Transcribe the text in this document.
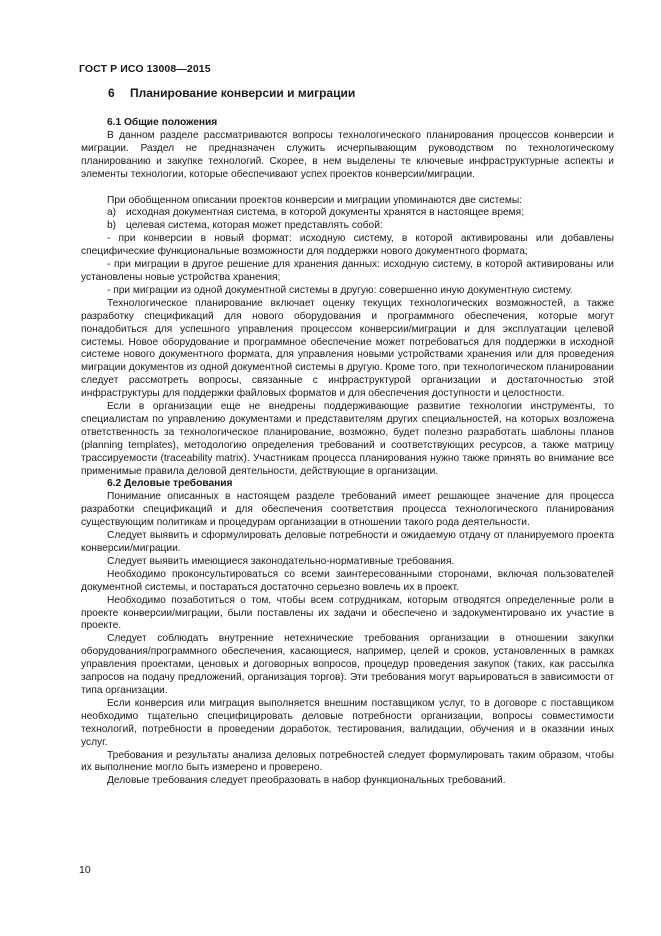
ГОСТ Р ИСО 13008—2015

6 Планирование конверсии и миграции

6.1 Общие положения

В данном разделе рассматриваются вопросы технологического планирования процессов конверсии и миграции. Раздел не предназначен служить исчерпывающим руководством по технологическому планированию и закупке технологий. Скорее, в нем выделены те ключевые инфраструктурные аспекты и элементы технологии, которые обеспечивают успех проектов конверсии/миграции.

При обобщенном описании проектов конверсии и миграции упоминаются две системы:

a) исходная документная система, в которой документы хранятся в настоящее время;

b) целевая система, которая может представлять собой:

- при конверсии в новый формат: исходную систему, в которой активированы или добавлены специфические функциональные возможности для поддержки нового документного формата;

- при миграции в другое решение для хранения данных: исходную систему, в которой активированы или установлены новые устройства хранения;

- при миграции из одной документной системы в другую: совершенно иную документную систему.

Технологическое планирование включает оценку текущих технологических возможностей, а также разработку спецификаций для нового оборудования и программного обеспечения, которые могут понадобиться для успешного управления процессом конверсии/миграции и для эксплуатации целевой системы. Новое оборудование и программное обеспечение может потребоваться для поддержки в исходной системе нового документного формата, для управления новыми устройствами хранения или для проведения миграции документов из одной документной системы в другую. Кроме того, при технологическом планировании следует рассмотреть вопросы, связанные с инфраструктурой организации и достаточностью этой инфраструктуры для поддержки файловых форматов и для обеспечения доступности и целостности.

Если в организации еще не внедрены поддерживающие развитие технологии инструменты, то специалистам по управлению документами и представителям других специальностей, на которых возложена ответственность за технологическое планирование, возможно, будет полезно разработать шаблоны планов (planning templates), методологию определения требований и соответствующих ресурсов, а также матрицу трассируемости (traceability matrix). Участникам процесса планирования нужно также принять во внимание все применимые правила деловой деятельности, действующие в организации.

6.2 Деловые требования

Понимание описанных в настоящем разделе требований имеет решающее значение для процесса разработки спецификаций и для обеспечения соответствия процесса технологического планирования существующим политикам и процедурам организации в отношении такого рода деятельности.

Следует выявить и сформулировать деловые потребности и ожидаемую отдачу от планируемого проекта конверсии/миграции.

Следует выявить имеющиеся законодательно-нормативные требования.

Необходимо проконсультироваться со всеми заинтересованными сторонами, включая пользователей документной системы, и постараться достаточно серьезно вовлечь их в проект.

Необходимо позаботиться о том, чтобы всем сотрудникам, которым отводятся определенные роли в проекте конверсии/миграции, были поставлены их задачи и обеспечено и задокументировано их участие в проекте.

Следует соблюдать внутренние нетехнические требования организации в отношении закупки оборудования/программного обеспечения, касающиеся, например, целей и сроков, установленных в рамках управления проектами, ценовых и договорных вопросов, процедур проведения закупок (таких, как рассылка запросов на подачу предложений, организация торгов). Эти требования могут варьироваться в зависимости от типа организации.

Если конверсия или миграция выполняется внешним поставщиком услуг, то в договоре с поставщиком необходимо тщательно специфицировать деловые потребности организации, вопросы совместимости технологий, потребности в проведении доработок, тестирования, валидации, обучения и в оказании иных услуг.

Требования и результаты анализа деловых потребностей следует формулировать таким образом, чтобы их выполнение могло быть измерено и проверено.

Деловые требования следует преобразовать в набор функциональных требований.

10
